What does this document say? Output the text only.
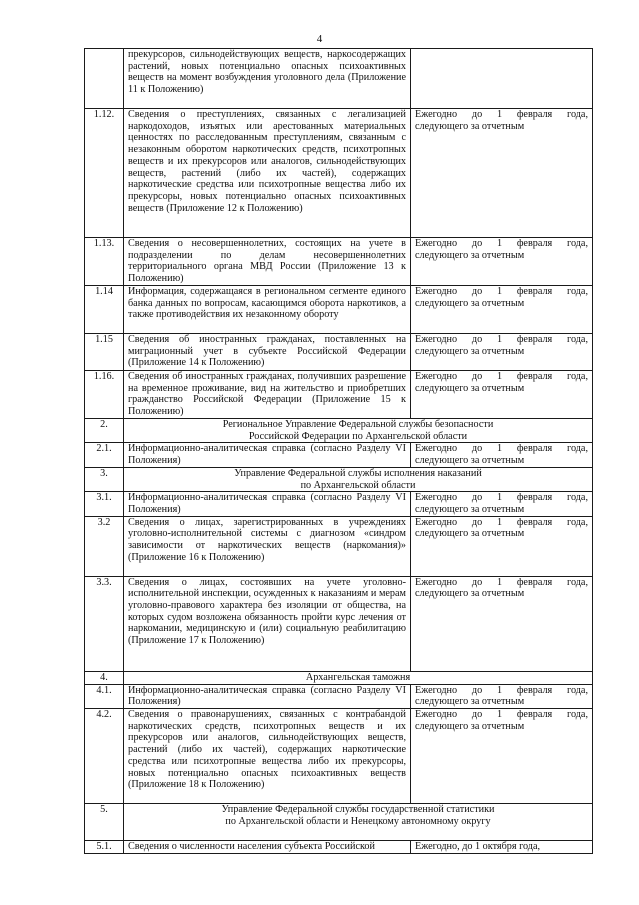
4
	прекурсоров, сильнодействующих веществ, наркосодержащих растений, новых потенциально опасных психоактивных веществ на момент возбуждения уголовного дела (Приложение 11 к Положению)	
1.12.	Сведения о преступлениях, связанных с легализацией наркодоходов, изъятых или арестованных материальных ценностях по расследованным преступлениям, связанным с незаконным оборотом наркотических средств, психотропных веществ и их прекурсоров или аналогов, сильнодействующих веществ, растений (либо их частей), содержащих наркотические средства или психотропные вещества либо их прекурсоры, новых потенциально опасных психоактивных веществ (Приложение 12 к Положению)	Ежегодно до 1 февраля года, следующего за отчетным
1.13.	Сведения о несовершеннолетних, состоящих на учете в подразделении по делам несовершеннолетних территориального органа МВД России (Приложение 13 к Положению)	Ежегодно до 1 февраля года, следующего за отчетным
1.14	Информация, содержащаяся в региональном сегменте единого банка данных по вопросам, касающимся оборота наркотиков, а также противодействия их незаконному обороту	Ежегодно до 1 февраля года, следующего за отчетным
1.15	Сведения об иностранных гражданах, поставленных на миграционный учет в субъекте Российской Федерации (Приложение 14 к Положению)	Ежегодно до 1 февраля года, следующего за отчетным
1.16.	Сведения об иностранных гражданах, получивших разрешение на временное проживание, вид на жительство и приобретших гражданство Российской Федерации (Приложение 15 к Положению)	Ежегодно до 1 февраля года, следующего за отчетным
2.	Региональное Управление Федеральной службы безопасности
Российской Федерации по Архангельской области	

2.1.	Информационно-аналитическая справка (согласно Разделу VI Положения)	Ежегодно до 1 февраля года, следующего за отчетным
3.	Управление Федеральной службы исполнения наказаний
по Архангельской области	

3.1.	Информационно-аналитическая справка (согласно Разделу VI Положения)	Ежегодно до 1 февраля года, следующего за отчетным
3.2	Сведения о лицах, зарегистрированных в учреждениях уголовно-исполнительной системы с диагнозом «синдром зависимости от наркотических веществ (наркомания)» (Приложение 16 к Положению)	Ежегодно до 1 февраля года, следующего за отчетным
3.3.	Сведения о лицах, состоявших на учете уголовно-исполнительной инспекции, осужденных к наказаниям и мерам уголовно-правового характера без изоляции от общества, на которых судом возложена обязанность пройти курс лечения от наркомании, медицинскую и (или) социальную реабилитацию (Приложение 17 к Положению)	Ежегодно до 1 февраля года, следующего за отчетным
4.	Архангельская таможня	

4.1.	Информационно-аналитическая справка (согласно Разделу VI Положения)	Ежегодно до 1 февраля года, следующего за отчетным
4.2.	Сведения о правонарушениях, связанных с контрабандой наркотических средств, психотропных веществ и их прекурсоров или аналогов, сильнодействующих веществ, растений (либо их частей), содержащих наркотические средства или психотропные вещества либо их прекурсоры, новых потенциально опасных психоактивных веществ (Приложение 18 к Положению)	Ежегодно до 1 февраля года, следующего за отчетным
5.	Управление Федеральной службы государственной статистики
по Архангельской области и Ненецкому автономному округу	

5.1.	Сведения о численности населения субъекта Российской	Ежегодно, до 1 октября года,
